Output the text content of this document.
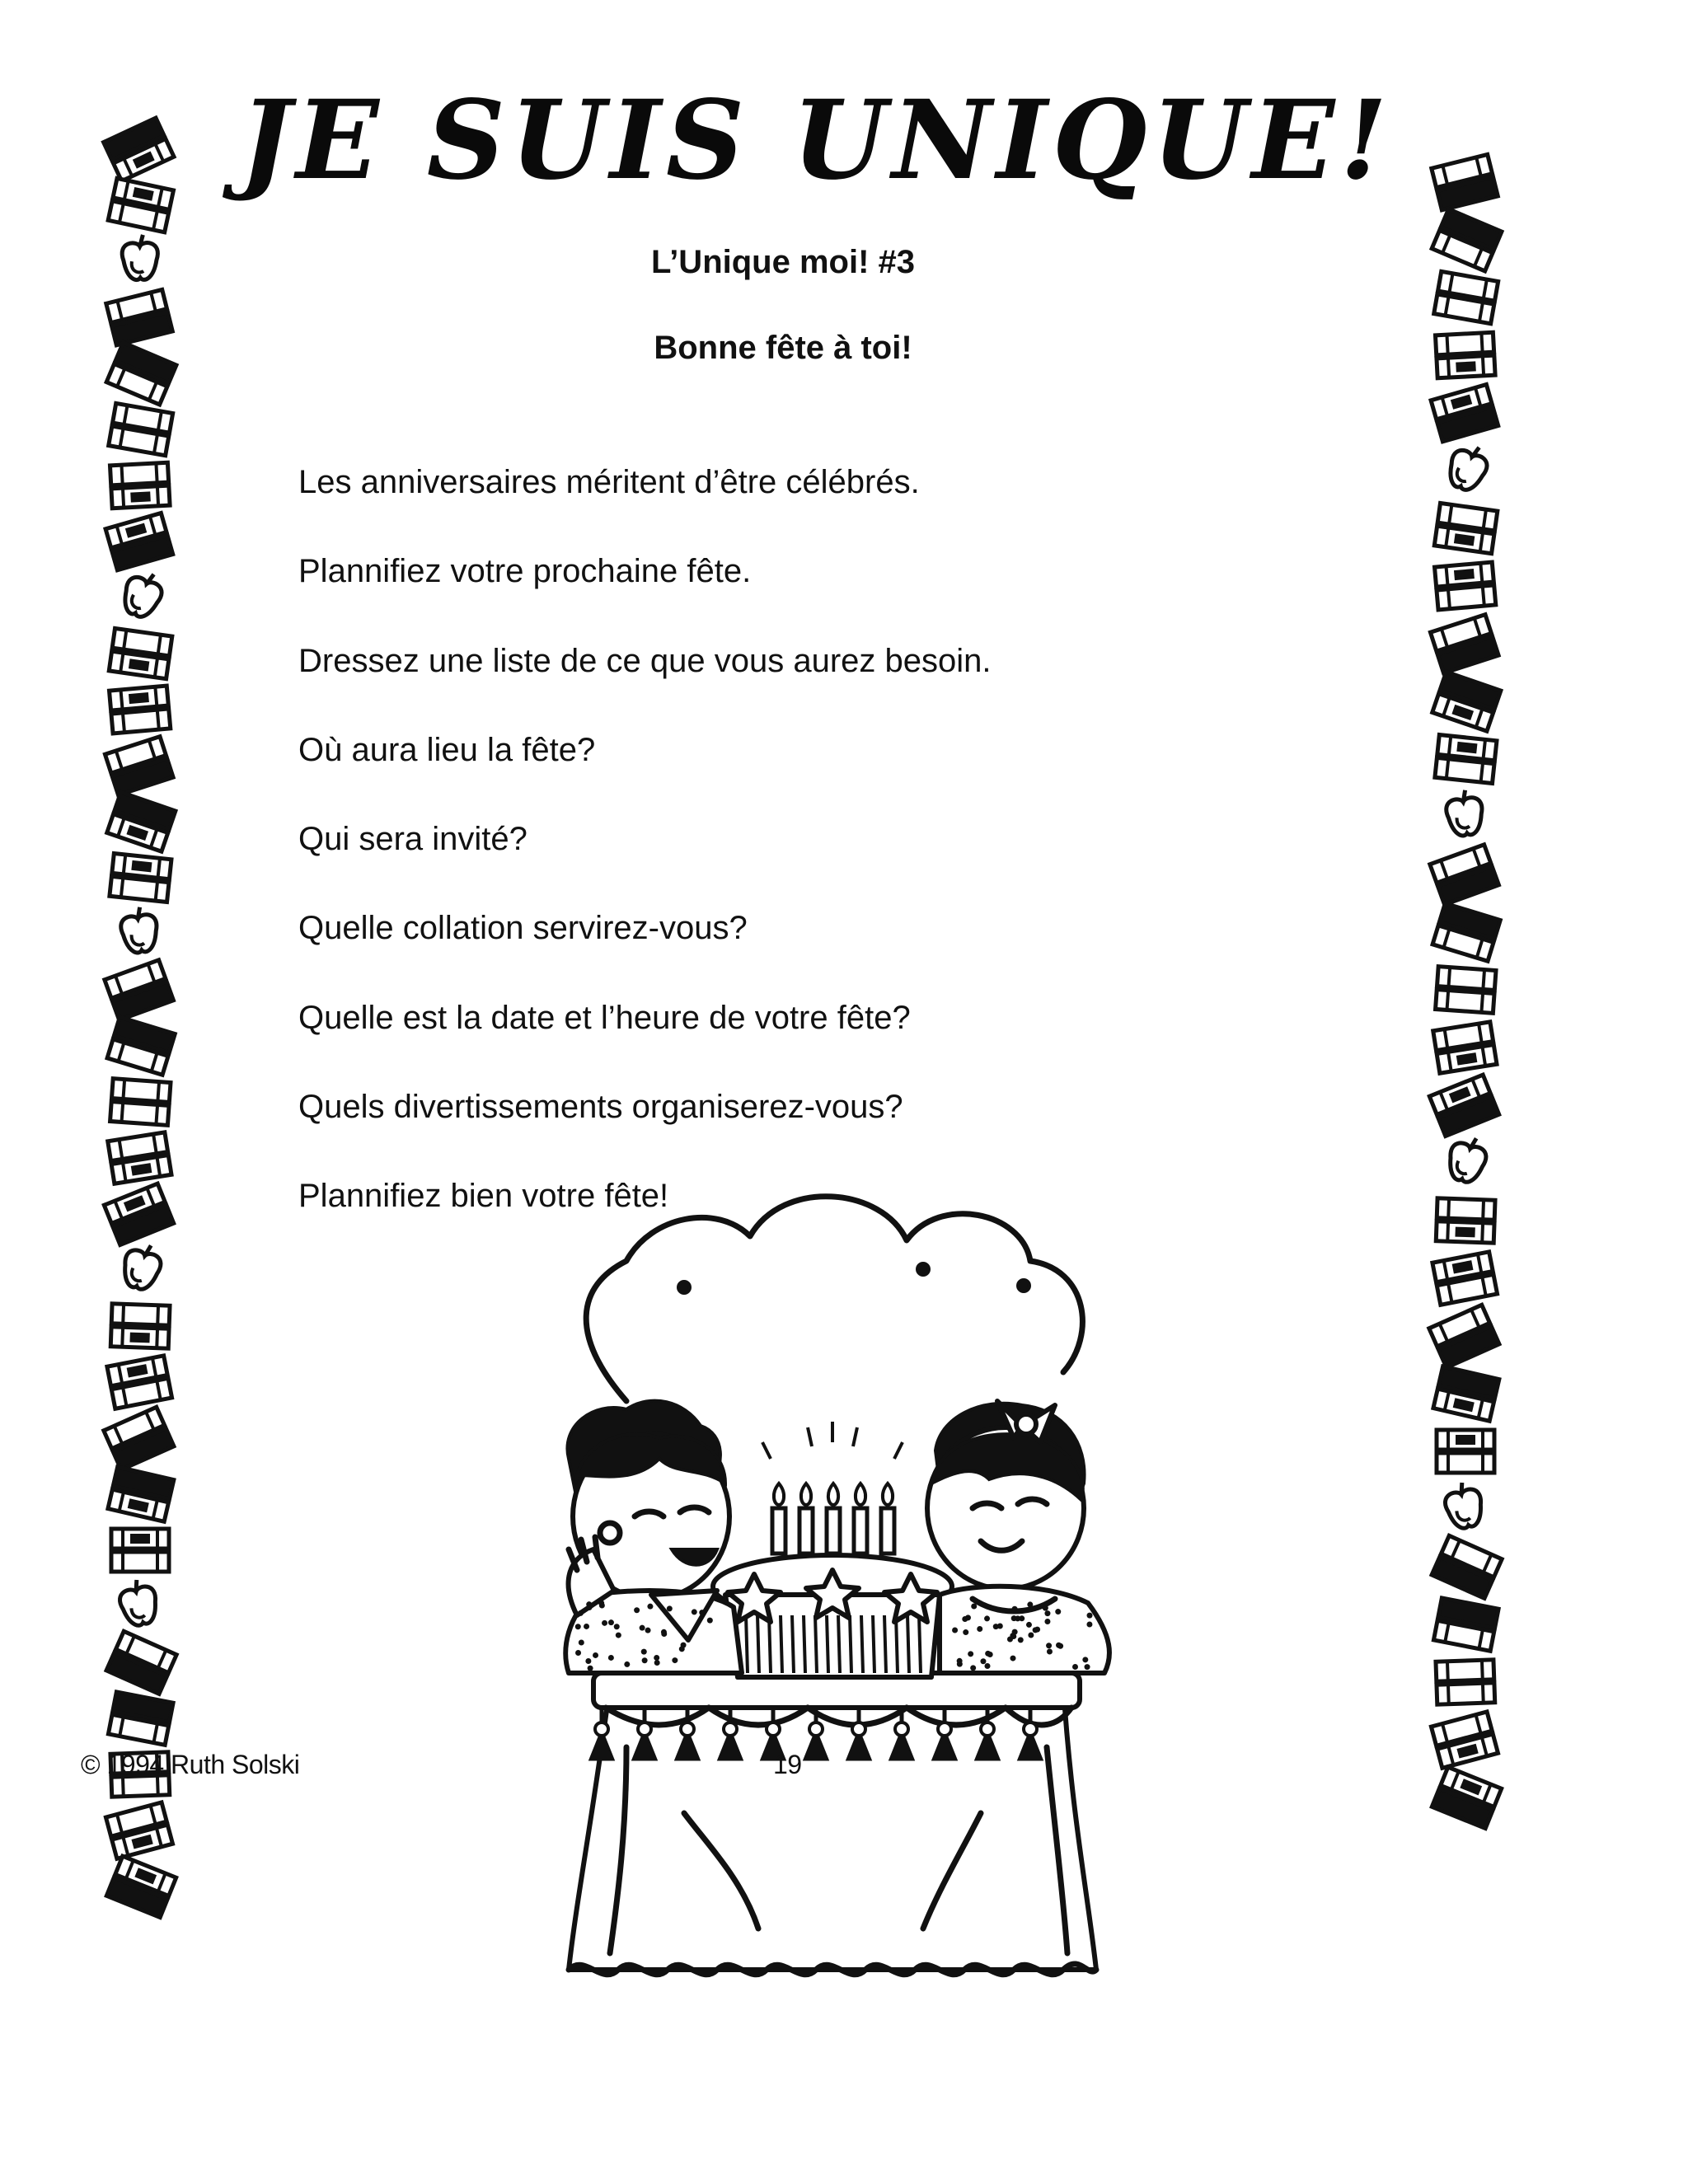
JE SUIS UNIQUE!

L’Unique moi! #3

Bonne fête à toi!

Les anniversaires méritent d’être célébrés.

Plannifiez votre prochaine fête.

Dressez une liste de ce que vous aurez besoin.

Où aura lieu la fête?

Qui sera invité?

Quelle collation servirez-vous?

Quelle est la date et l’heure de votre fête?

Quels divertissements organiserez-vous?

Plannifiez bien votre fête!

© 1994 Ruth Solski	19
